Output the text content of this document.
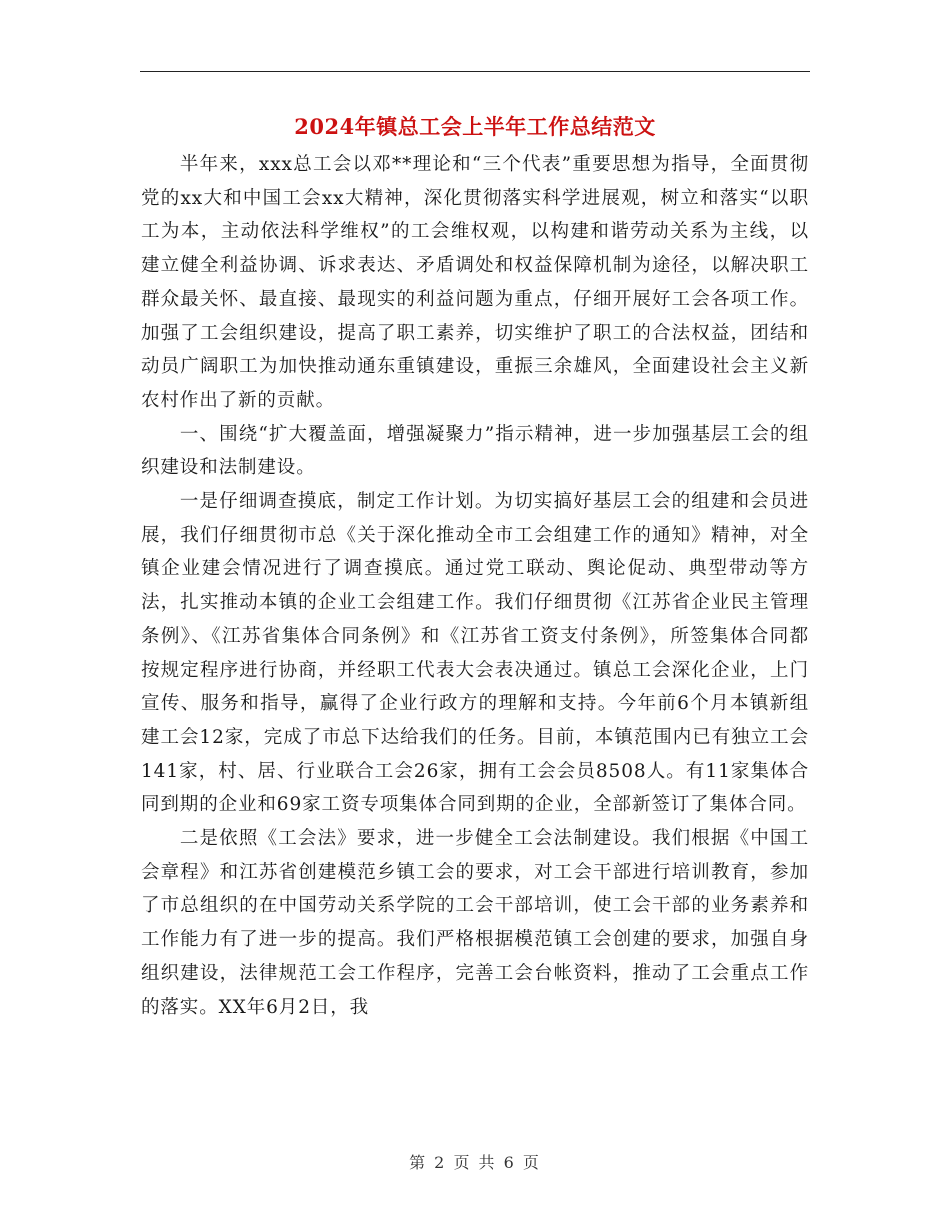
2024年镇总工会上半年工作总结范文

半年来，xxx总工会以邓**理论和“三个代表”重要思想为指导，全面贯彻党的xx大和中国工会xx大精神，深化贯彻落实科学进展观，树立和落实“以职工为本，主动依法科学维权”的工会维权观，以构建和谐劳动关系为主线，以建立健全利益协调、诉求表达、矛盾调处和权益保障机制为途径，以解决职工群众最关怀、最直接、最现实的利益问题为重点，仔细开展好工会各项工作。加强了工会组织建设，提高了职工素养，切实维护了职工的合法权益，团结和动员广阔职工为加快推动通东重镇建设，重振三余雄风，全面建设社会主义新农村作出了新的贡献。

一、围绕“扩大覆盖面，增强凝聚力”指示精神，进一步加强基层工会的组织建设和法制建设。

一是仔细调查摸底，制定工作计划。为切实搞好基层工会的组建和会员进展，我们仔细贯彻市总《关于深化推动全市工会组建工作的通知》精神，对全镇企业建会情况进行了调查摸底。通过党工联动、舆论促动、典型带动等方法，扎实推动本镇的企业工会组建工作。我们仔细贯彻《江苏省企业民主管理条例》、《江苏省集体合同条例》和《江苏省工资支付条例》，所签集体合同都按规定程序进行协商，并经职工代表大会表决通过。镇总工会深化企业，上门宣传、服务和指导，赢得了企业行政方的理解和支持。今年前6个月本镇新组建工会12家，完成了市总下达给我们的任务。目前，本镇范围内已有独立工会141家，村、居、行业联合工会26家，拥有工会会员8508人。有11家集体合同到期的企业和69家工资专项集体合同到期的企业，全部新签订了集体合同。

二是依照《工会法》要求，进一步健全工会法制建设。我们根据《中国工会章程》和江苏省创建模范乡镇工会的要求，对工会干部进行培训教育，参加了市总组织的在中国劳动关系学院的工会干部培训，使工会干部的业务素养和工作能力有了进一步的提高。我们严格根据模范镇工会创建的要求，加强自身组织建设，法律规范工会工作程序，完善工会台帐资料，推动了工会重点工作的落实。XX年6月2日，我

第 2 页 共 6 页
